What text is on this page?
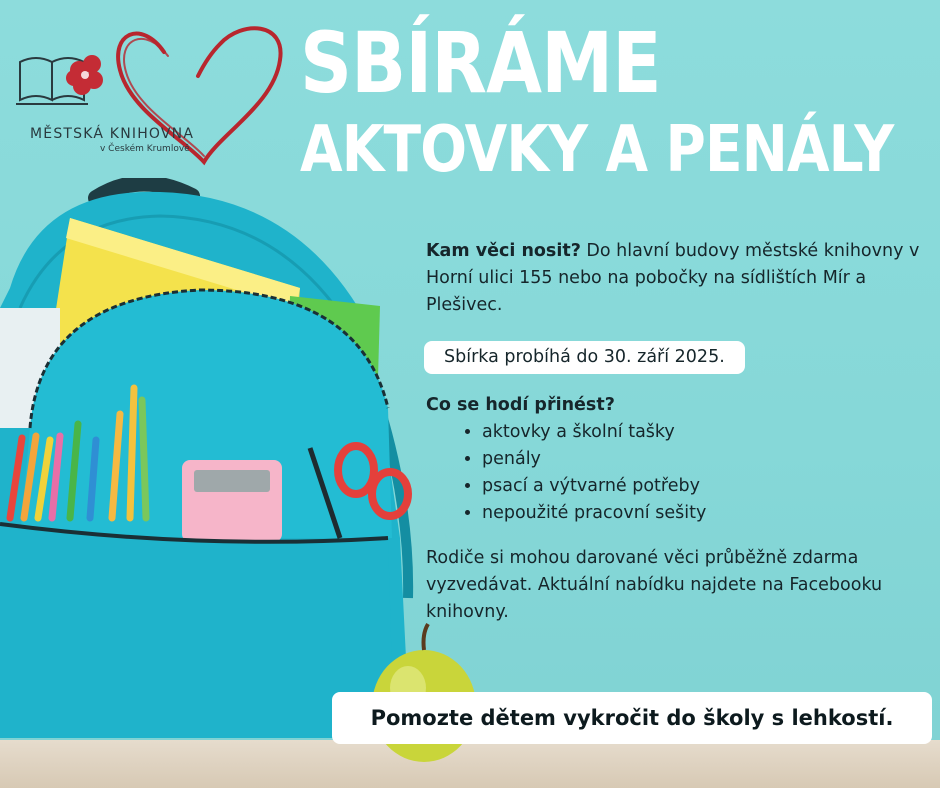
MĚSTSKÁ KNIHOVNA
v Českém Krumlově
SBÍRÁME
AKTOVKY A PENÁLY

Kam věci nosit? Do hlavní budovy městské knihovny v Horní ulici 155 nebo na pobočky na sídlištích Mír a Plešivec.

Sbírka probíhá do 30. září 2025.
Co se hodí přinést?
• aktovky a školní tašky
• penály
• psací a výtvarné potřeby
• nepoužité pracovní sešity

Rodiče si mohou darované věci průběžně zdarma vyzvedávat. Aktuální nabídku najdete na Facebooku knihovny.

Pomozte dětem vykročit do školy s lehkostí.
